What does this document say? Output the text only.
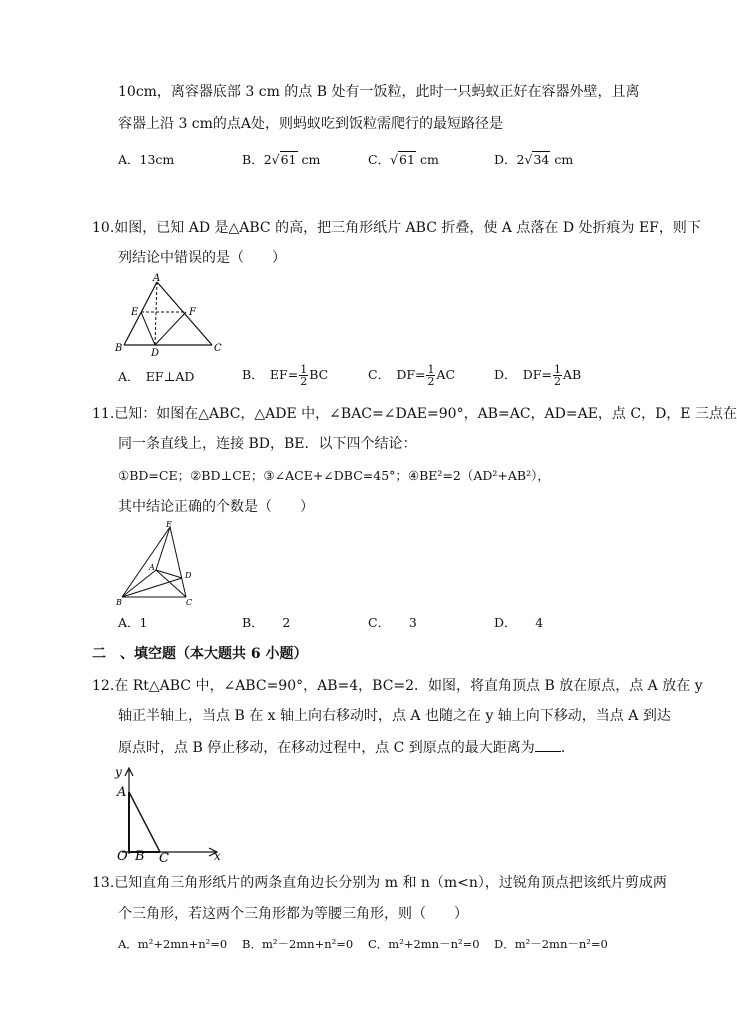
10cm，离容器底部 3 cm 的点 B 处有一饭粒，此时一只蚂蚁正好在容器外壁，且离
容器上沿 3 cm的点A处，则蚂蚁吃到饭粒需爬行的最短路径是
A．13cm	B．2√61 cm	C．√61 cm	D．2√34 cm
10.如图，已知 AD 是△ABC 的高，把三角形纸片 ABC 折叠，使 A 点落在 D 处折痕为 EF，则下
列结论中错误的是（　　）
A
E	F
B	D	C
A．　EF⊥AD	B．　$EF= \frac{1}{2}$ BC	C．　$DF= \frac{1}{2}$ AC	D．　$DF= \frac{1}{2}$ AB
11.已知：如图在△ABC，△ADE 中，∠BAC=∠DAE=90°，AB=AC，AD=AE，点 C，D，E 三点在
同一条直线上，连接 BD，BE．以下四个结论：
①BD=CE；②BD⊥CE；③∠ACE+∠DBC=45°；④BE²=2（AD²+AB²），
其中结论正确的个数是（　　）
E
A
D
B	C
A．1	B．　　2	C．　　3	D．　　4
二　、填空题（本大题共 6 小题）
12.在 Rt△ABC 中，∠ABC=90°，AB=4，BC=2．如图，将直角顶点 B 放在原点，点 A 放在 y
轴正半轴上，当点 B 在 x 轴上向右移动时，点 A 也随之在 y 轴上向下移动，当点 A 到达
原点时，点 B 停止移动，在移动过程中，点 C 到原点的最大距离为 .
y
A
O B C	x
13.已知直角三角形纸片的两条直角边长分别为 m 和 n（m<n），过锐角顶点把该纸片剪成两
个三角形，若这两个三角形都为等腰三角形，则（　　）
A．m²+2mn+n²=0 B．m²－2mn+n²=0 C．m²+2mn－n²=0 D．m²－2mn－n²=0
